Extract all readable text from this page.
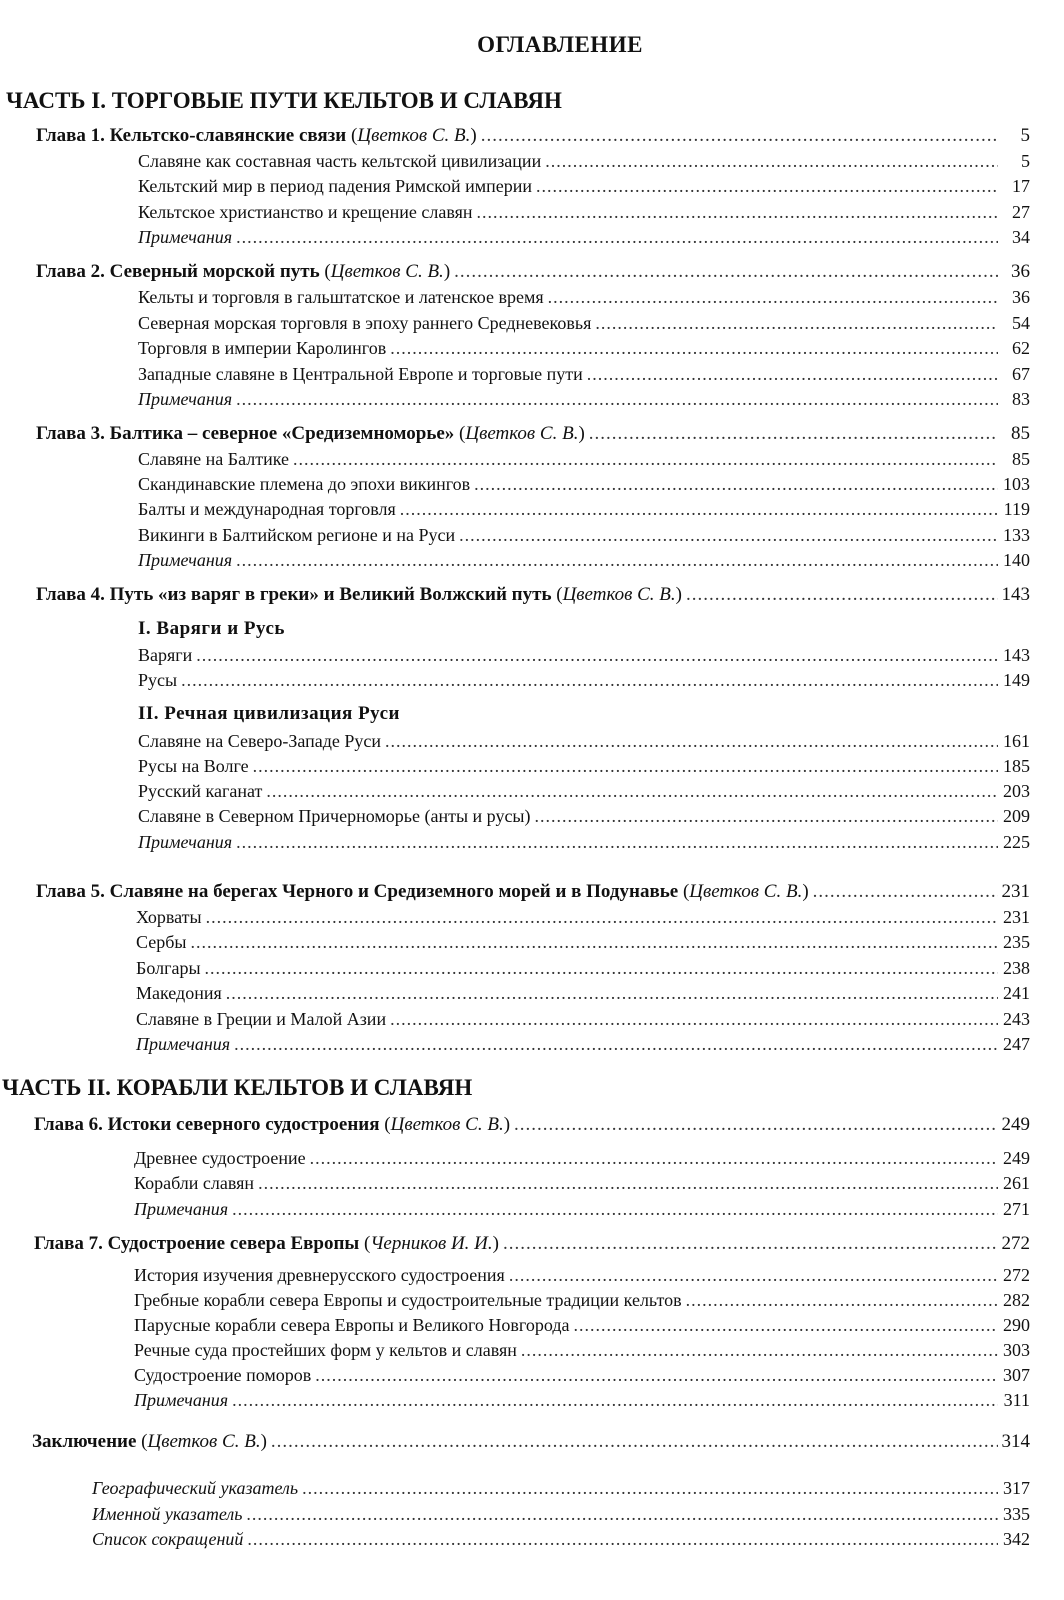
ОГЛАВЛЕНИЕ
ЧАСТЬ I. ТОРГОВЫЕ ПУТИ КЕЛЬТОВ И СЛАВЯН
Глава 1. Кельтско-славянские связи (Цветков С. В.) .....	5
Славяне как составная часть кельтской цивилизации .....	5
Кельтский мир в период падения Римской империи .....	17
Кельтское христианство и крещение славян .....	27
Примечания .....	34
Глава 2. Северный морской путь (Цветков С. В.) .....	36
Кельты и торговля в гальштатское и латенское время .....	36
Северная морская торговля в эпоху раннего Средневековья .....	54
Торговля в империи Каролингов .....	62
Западные славяне в Центральной Европе и торговые пути .....	67
Примечания .....	83
Глава 3. Балтика – северное «Средиземноморье» (Цветков С. В.) .....	85
Славяне на Балтике .....	85
Скандинавские племена до эпохи викингов .....	103
Балты и международная торговля .....	119
Викинги в Балтийском регионе и на Руси .....	133
Примечания .....	140
Глава 4. Путь «из варяг в греки» и Великий Волжский путь (Цветков С. В.) .....	143
I. Варяги и Русь
Варяги .....	143
Русы .....	149
II. Речная цивилизация Руси
Славяне на Северо-Западе Руси .....	161
Русы на Волге .....	185
Русский каганат .....	203
Славяне в Северном Причерноморье (анты и русы) .....	209
Примечания .....	225
Глава 5. Славяне на берегах Черного и Средиземного морей и в Подунавье (Цветков С. В.) .....	231
Хорваты .....	231
Сербы .....	235
Болгары .....	238
Македония .....	241
Славяне в Греции и Малой Азии .....	243
Примечания .....	247
ЧАСТЬ II. КОРАБЛИ КЕЛЬТОВ И СЛАВЯН
Глава 6. Истоки северного судостроения (Цветков С. В.) .....	249
Древнее судостроение .....	249
Корабли славян .....	261
Примечания .....	271
Глава 7. Судостроение севера Европы (Черников И. И.) .....	272
История изучения древнерусского судостроения .....	272
Гребные корабли севера Европы и судостроительные традиции кельтов .....	282
Парусные корабли севера Европы и Великого Новгорода .....	290
Речные суда простейших форм у кельтов и славян .....	303
Судостроение поморов .....	307
Примечания .....	311
Заключение (Цветков С. В.) .....	314
Географический указатель .....	317
Именной указатель .....	335
Список сокращений .....	342
